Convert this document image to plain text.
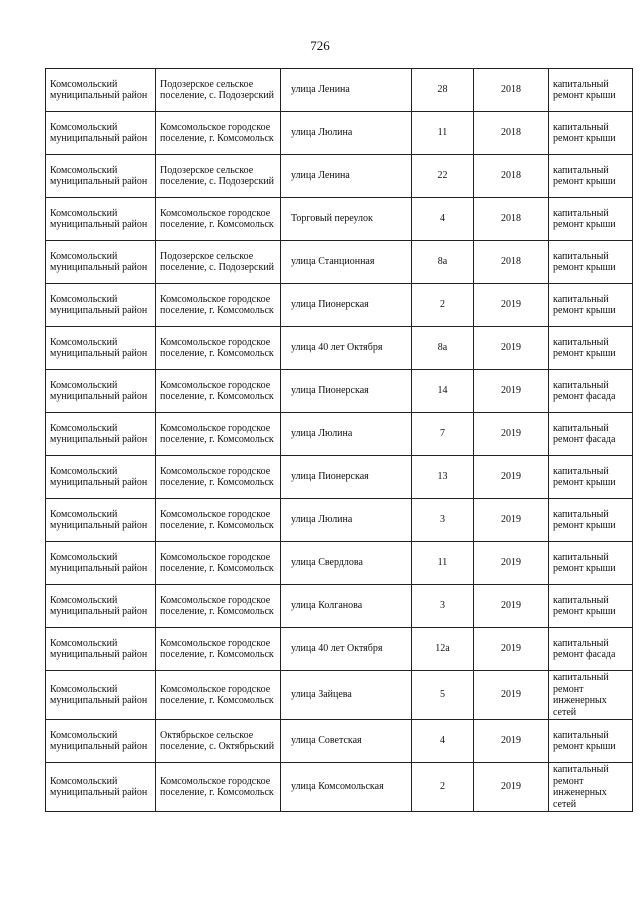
726
Комсомольский муниципальный район	Подозерское сельское поселение, с. Подозерский	улица Ленина	28	2018	капитальный ремонт крыши
Комсомольский муниципальный район	Комсомольское городское поселение, г. Комсомольск	улица Люлина	11	2018	капитальный ремонт крыши
Комсомольский муниципальный район	Подозерское сельское поселение, с. Подозерский	улица Ленина	22	2018	капитальный ремонт крыши
Комсомольский муниципальный район	Комсомольское городское поселение, г. Комсомольск	Торговый переулок	4	2018	капитальный ремонт крыши
Комсомольский муниципальный район	Подозерское сельское поселение, с. Подозерский	улица Станционная	8а	2018	капитальный ремонт крыши
Комсомольский муниципальный район	Комсомольское городское поселение, г. Комсомольск	улица Пионерская	2	2019	капитальный ремонт крыши
Комсомольский муниципальный район	Комсомольское городское поселение, г. Комсомольск	улица 40 лет Октября	8а	2019	капитальный ремонт крыши
Комсомольский муниципальный район	Комсомольское городское поселение, г. Комсомольск	улица Пионерская	14	2019	капитальный ремонт фасада
Комсомольский муниципальный район	Комсомольское городское поселение, г. Комсомольск	улица Люлина	7	2019	капитальный ремонт фасада
Комсомольский муниципальный район	Комсомольское городское поселение, г. Комсомольск	улица Пионерская	13	2019	капитальный ремонт крыши
Комсомольский муниципальный район	Комсомольское городское поселение, г. Комсомольск	улица Люлина	3	2019	капитальный ремонт крыши
Комсомольский муниципальный район	Комсомольское городское поселение, г. Комсомольск	улица Свердлова	11	2019	капитальный ремонт крыши
Комсомольский муниципальный район	Комсомольское городское поселение, г. Комсомольск	улица Колганова	3	2019	капитальный ремонт крыши
Комсомольский муниципальный район	Комсомольское городское поселение, г. Комсомольск	улица 40 лет Октября	12а	2019	капитальный ремонт фасада
Комсомольский муниципальный район	Комсомольское городское поселение, г. Комсомольск	улица Зайцева	5	2019	капитальный ремонт инженерных сетей
Комсомольский муниципальный район	Октябрьское сельское поселение, с. Октябрьский	улица Советская	4	2019	капитальный ремонт крыши
Комсомольский муниципальный район	Комсомольское городское поселение, г. Комсомольск	улица Комсомольская	2	2019	капитальный ремонт инженерных сетей
